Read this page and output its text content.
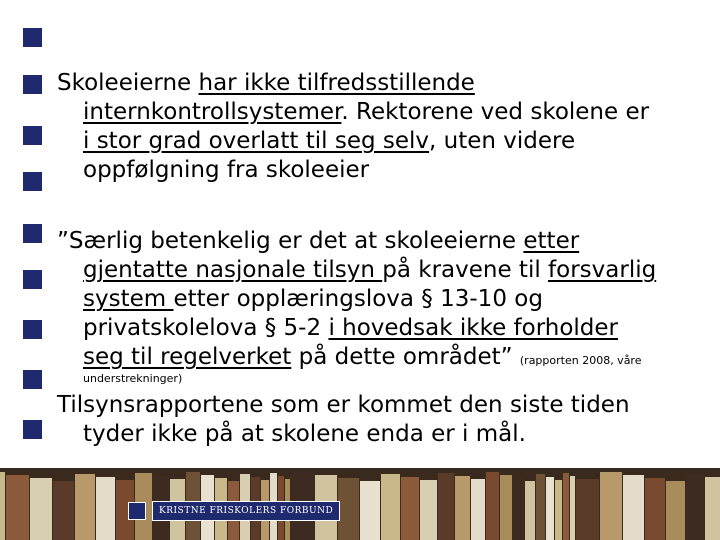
Skoleeierne har ikke tilfredsstillende
internkontrollsystemer. Rektorene ved skolene er
i stor grad overlatt til seg selv, uten videre
oppfølgning fra skoleeier
”Særlig betenkelig er det at skoleeierne etter
gjentatte nasjonale tilsyn på kravene til forsvarlig
system etter opplæringslova § 13-10 og
privatskolelova § 5-2 i hovedsak ikke forholder
seg til regelverket på dette området” (rapporten 2008, våre
understrekninger)
Tilsynsrapportene som er kommet den siste tiden
tyder ikke på at skolene enda er i mål.
KRISTNE FRISKOLERS FORBUND
